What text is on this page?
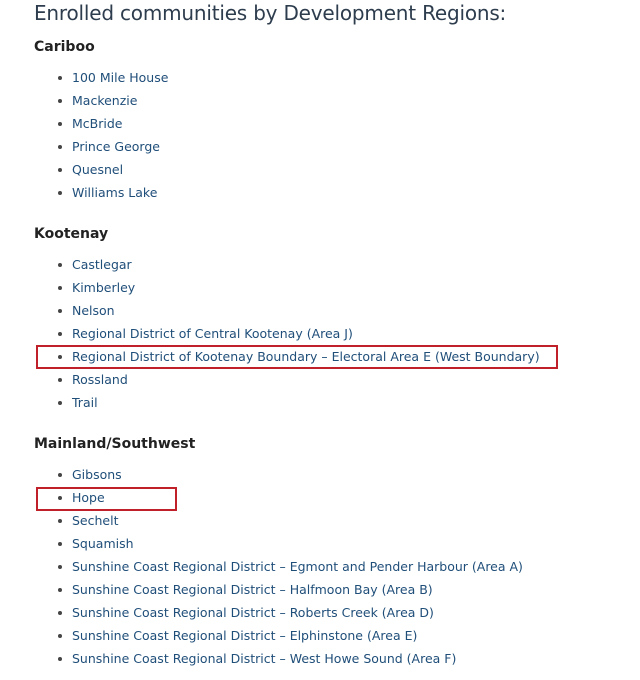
Enrolled communities by Development Regions:
Cariboo
100 Mile House
Mackenzie
McBride
Prince George
Quesnel
Williams Lake
Kootenay
Castlegar
Kimberley
Nelson
Regional District of Central Kootenay (Area J)
Regional District of Kootenay Boundary – Electoral Area E (West Boundary)
Rossland
Trail
Mainland/Southwest
Gibsons
Hope
Sechelt
Squamish
Sunshine Coast Regional District – Egmont and Pender Harbour (Area A)
Sunshine Coast Regional District – Halfmoon Bay (Area B)
Sunshine Coast Regional District – Roberts Creek (Area D)
Sunshine Coast Regional District – Elphinstone (Area E)
Sunshine Coast Regional District – West Howe Sound (Area F)
